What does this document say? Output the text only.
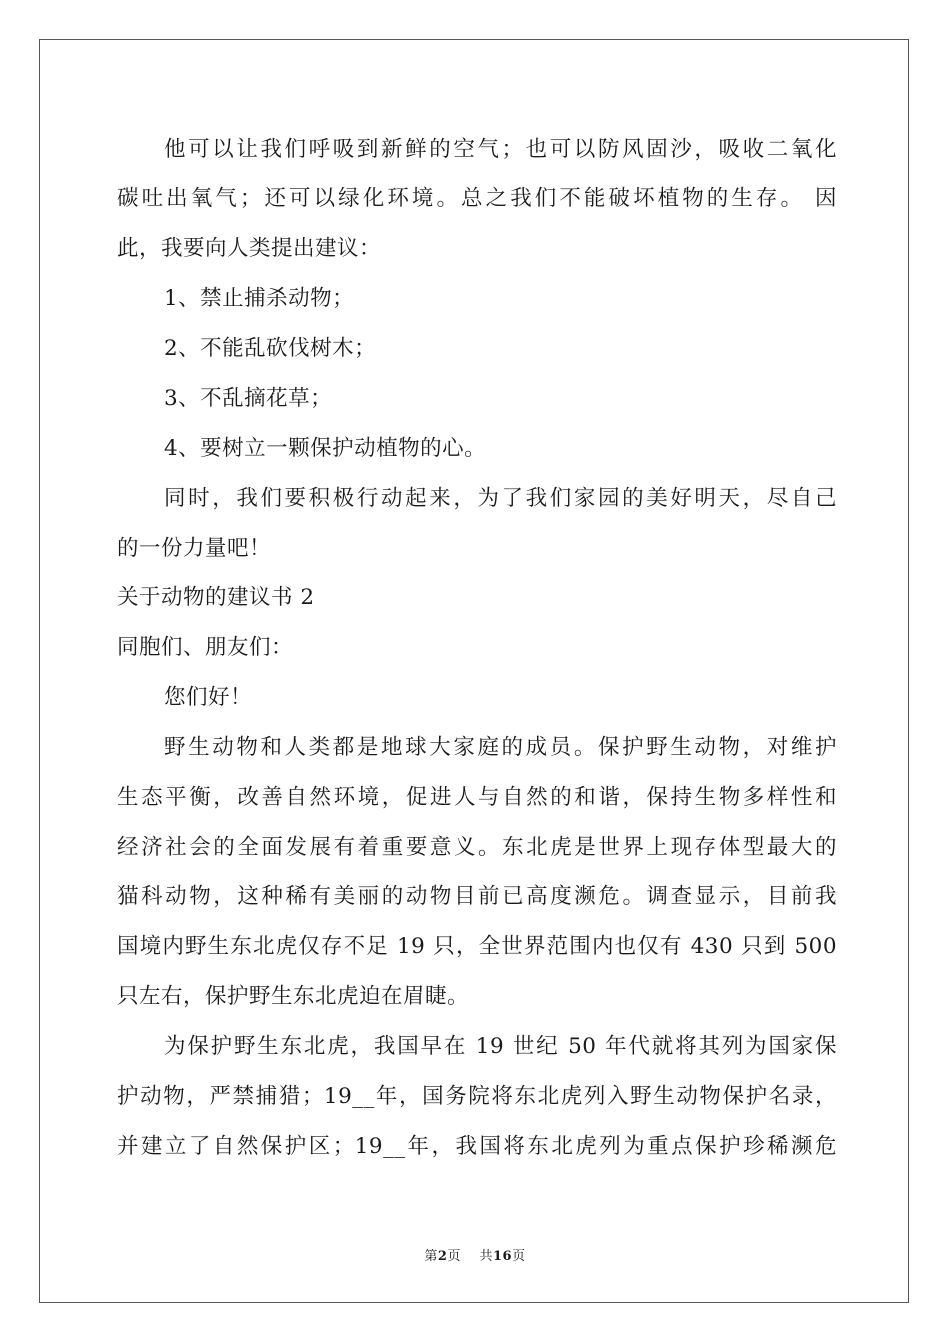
他可以让我们呼吸到新鲜的空气；也可以防风固沙，吸收二氧化
碳吐出氧气；还可以绿化环境。总之我们不能破坏植物的生存。 因
此，我要向人类提出建议：
1、禁止捕杀动物；
2、不能乱砍伐树木；
3、不乱摘花草；
4、要树立一颗保护动植物的心。
同时，我们要积极行动起来，为了我们家园的美好明天，尽自己
的一份力量吧！
关于动物的建议书 2
同胞们、朋友们：
您们好！
野生动物和人类都是地球大家庭的成员。保护野生动物，对维护
生态平衡，改善自然环境，促进人与自然的和谐，保持生物多样性和
经济社会的全面发展有着重要意义。东北虎是世界上现存体型最大的
猫科动物，这种稀有美丽的动物目前已高度濒危。调查显示，目前我
国境内野生东北虎仅存不足 19 只，全世界范围内也仅有 430 只到 500
只左右，保护野生东北虎迫在眉睫。
为保护野生东北虎，我国早在 19 世纪 50 年代就将其列为国家保
护动物，严禁捕猎；19__年，国务院将东北虎列入野生动物保护名录，
并建立了自然保护区；19__年，我国将东北虎列为重点保护珍稀濒危
第2页    共16页
